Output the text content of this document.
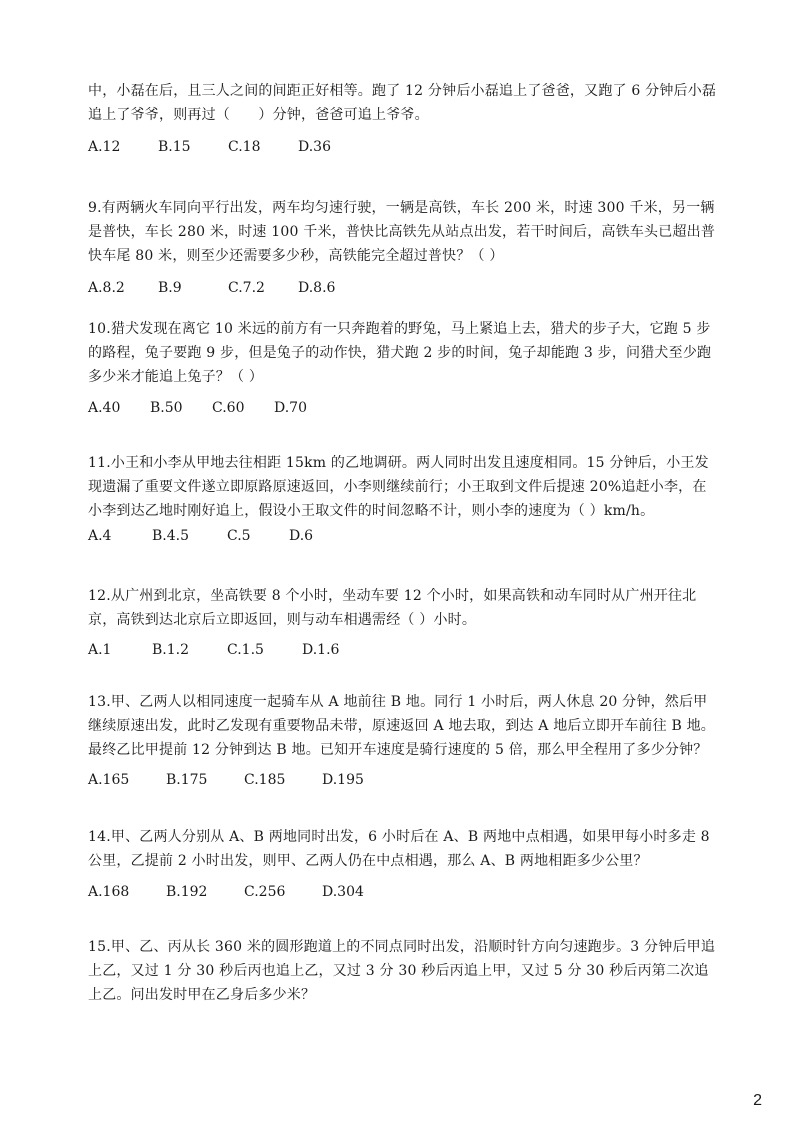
中，小磊在后，且三人之间的间距正好相等。跑了 12 分钟后小磊追上了爸爸，又跑了 6 分钟后小磊追上了爷爷，则再过（　　）分钟，爸爸可追上爷爷。

A.12	B.15	C.18	D.36

9.有两辆火车同向平行出发，两车均匀速行驶，一辆是高铁，车长 200 米，时速 300 千米，另一辆是普快，车长 280 米，时速 100 千米，普快比高铁先从站点出发，若干时间后，高铁车头已超出普快车尾 80 米，则至少还需要多少秒，高铁能完全超过普快？（ ）

A.8.2 B.9	C.7.2 D.8.6

10.猎犬发现在离它 10 米远的前方有一只奔跑着的野兔，马上紧追上去，猎犬的步子大，它跑 5 步的路程，兔子要跑 9 步，但是兔子的动作快，猎犬跑 2 步的时间，兔子却能跑 3 步，问猎犬至少跑多少米才能追上兔子？（ ）

A.40 B.50 C.60 D.70

11.小王和小李从甲地去往相距 15km 的乙地调研。两人同时出发且速度相同。15 分钟后，小王发现遗漏了重要文件遂立即原路原速返回，小李则继续前行；小王取到文件后提速 20%追赶小李，在小李到达乙地时刚好追上，假设小王取文件的时间忽略不计，则小李的速度为（ ）km/h。

A.4	B.4.5	C.5	D.6

12.从广州到北京，坐高铁要 8 个小时，坐动车要 12 个小时，如果高铁和动车同时从广州开往北京，高铁到达北京后立即返回，则与动车相遇需经（ ）小时。

A.1	B.1.2	C.1.5	D.1.6

13.甲、乙两人以相同速度一起骑车从 A 地前往 B 地。同行 1 小时后，两人休息 20 分钟，然后甲继续原速出发，此时乙发现有重要物品未带，原速返回 A 地去取，到达 A 地后立即开车前往 B 地。最终乙比甲提前 12 分钟到达 B 地。已知开车速度是骑行速度的 5 倍，那么甲全程用了多少分钟？

A.165	B.175	C.185	D.195

14.甲、乙两人分别从 A、B 两地同时出发，6 小时后在 A、B 两地中点相遇，如果甲每小时多走 8 公里，乙提前 2 小时出发，则甲、乙两人仍在中点相遇，那么 A、B 两地相距多少公里？

A.168	B.192	C.256	D.304

15.甲、乙、丙从长 360 米的圆形跑道上的不同点同时出发，沿顺时针方向匀速跑步。3 分钟后甲追上乙，又过 1 分 30 秒后丙也追上乙，又过 3 分 30 秒后丙追上甲，又过 5 分 30 秒后丙第二次追上乙。问出发时甲在乙身后多少米？

2
